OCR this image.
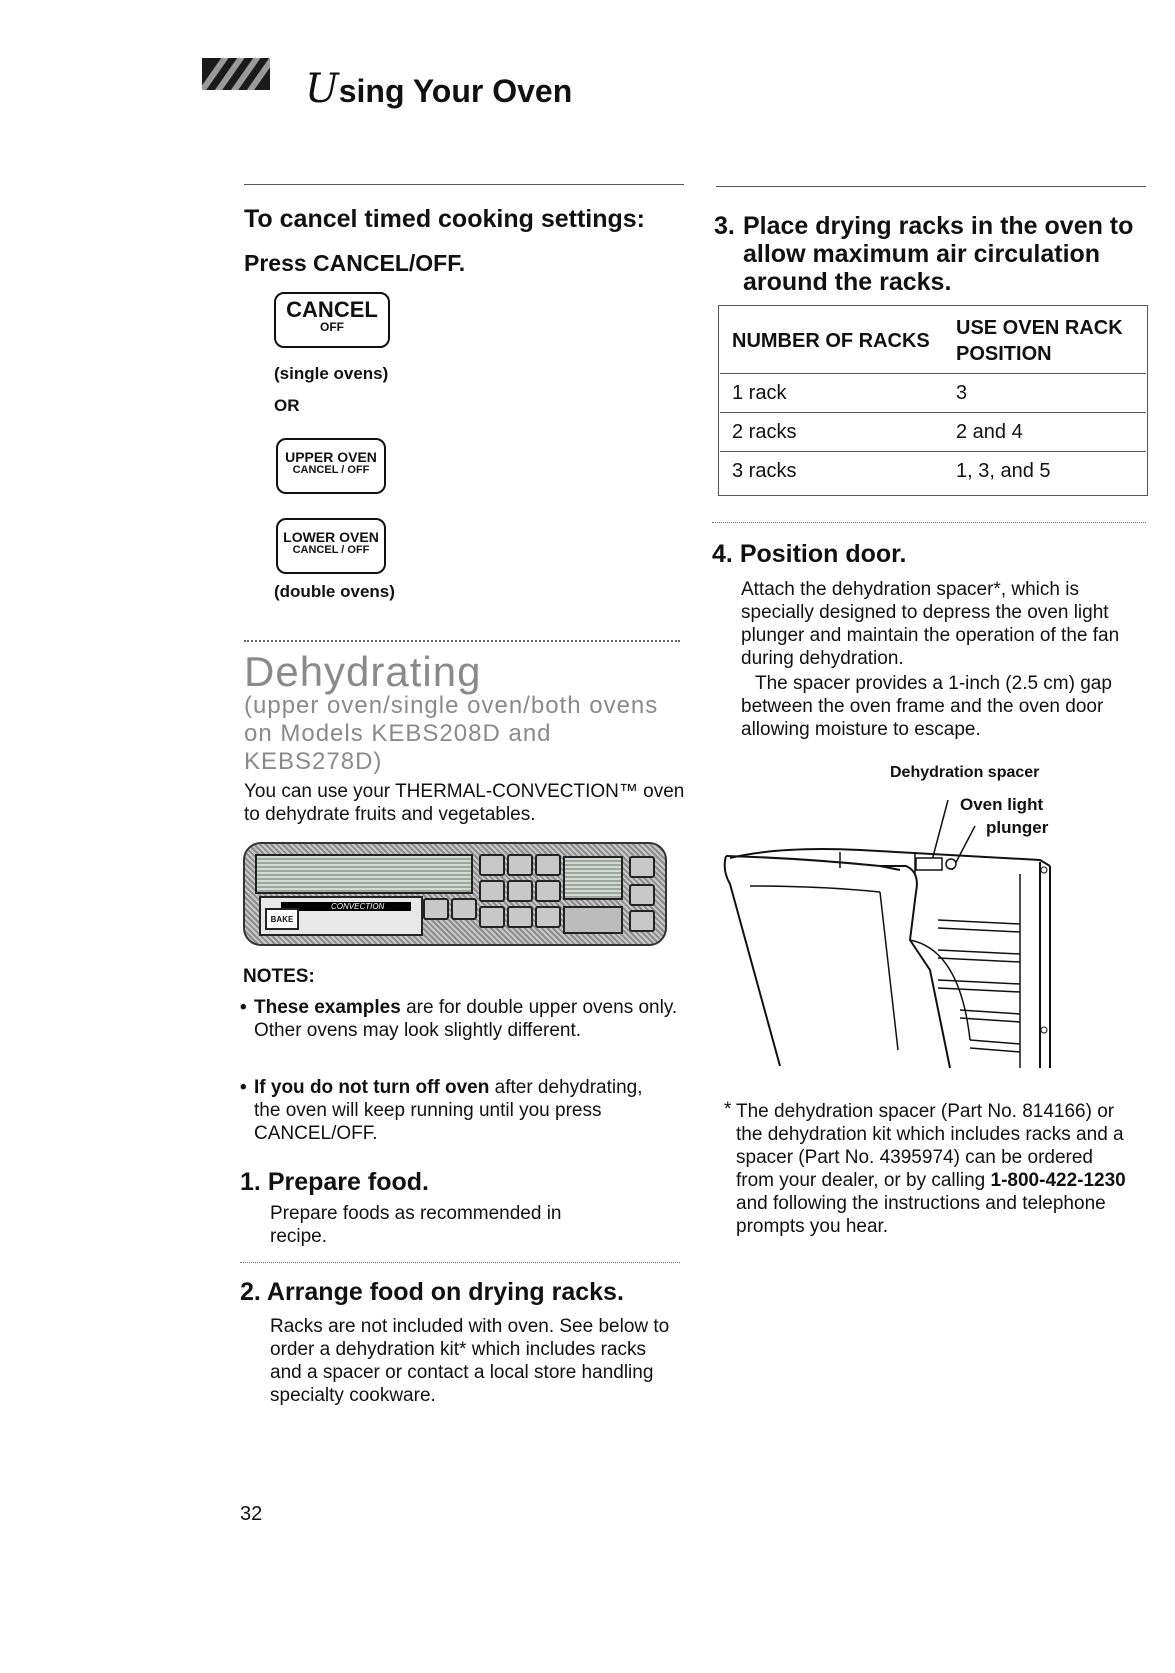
Using Your Oven
To cancel timed cooking settings:
Press CANCEL/OFF.
CANCEL
OFF
(single ovens)
OR
UPPER OVEN
CANCEL / OFF
LOWER OVEN
CANCEL / OFF
(double ovens)
Dehydrating
(upper oven/single oven/both ovens on Models KEBS208D and KEBS278D)
You can use your THERMAL-CONVECTION™ oven to dehydrate fruits and vegetables.
CONVECTION
BAKE
NOTES:
• These examples are for double upper ovens only. Other ovens may look slightly different.
• If you do not turn off oven after dehydrating, the oven will keep running until you press CANCEL/OFF.
1. Prepare food.
Prepare foods as recommended in recipe.
2. Arrange food on drying racks.
Racks are not included with oven. See below to order a dehydration kit* which includes racks and a spacer or contact a local store handling specialty cookware.
32
3. Place drying racks in the oven to allow maximum air circulation around the racks.
NUMBER OF RACKS	USE OVEN RACK POSITION
1 rack	3
2 racks	2 and 4
3 racks	1, 3, and 5
4. Position door.
Attach the dehydration spacer*, which is specially designed to depress the oven light plunger and maintain the operation of the fan during dehydration.
The spacer provides a 1-inch (2.5 cm) gap between the oven frame and the oven door allowing moisture to escape.
Dehydration spacer
Oven light
plunger
* The dehydration spacer (Part No. 814166) or the dehydration kit which includes racks and a spacer (Part No. 4395974) can be ordered from your dealer, or by calling 1-800-422-1230 and following the instructions and telephone prompts you hear.
